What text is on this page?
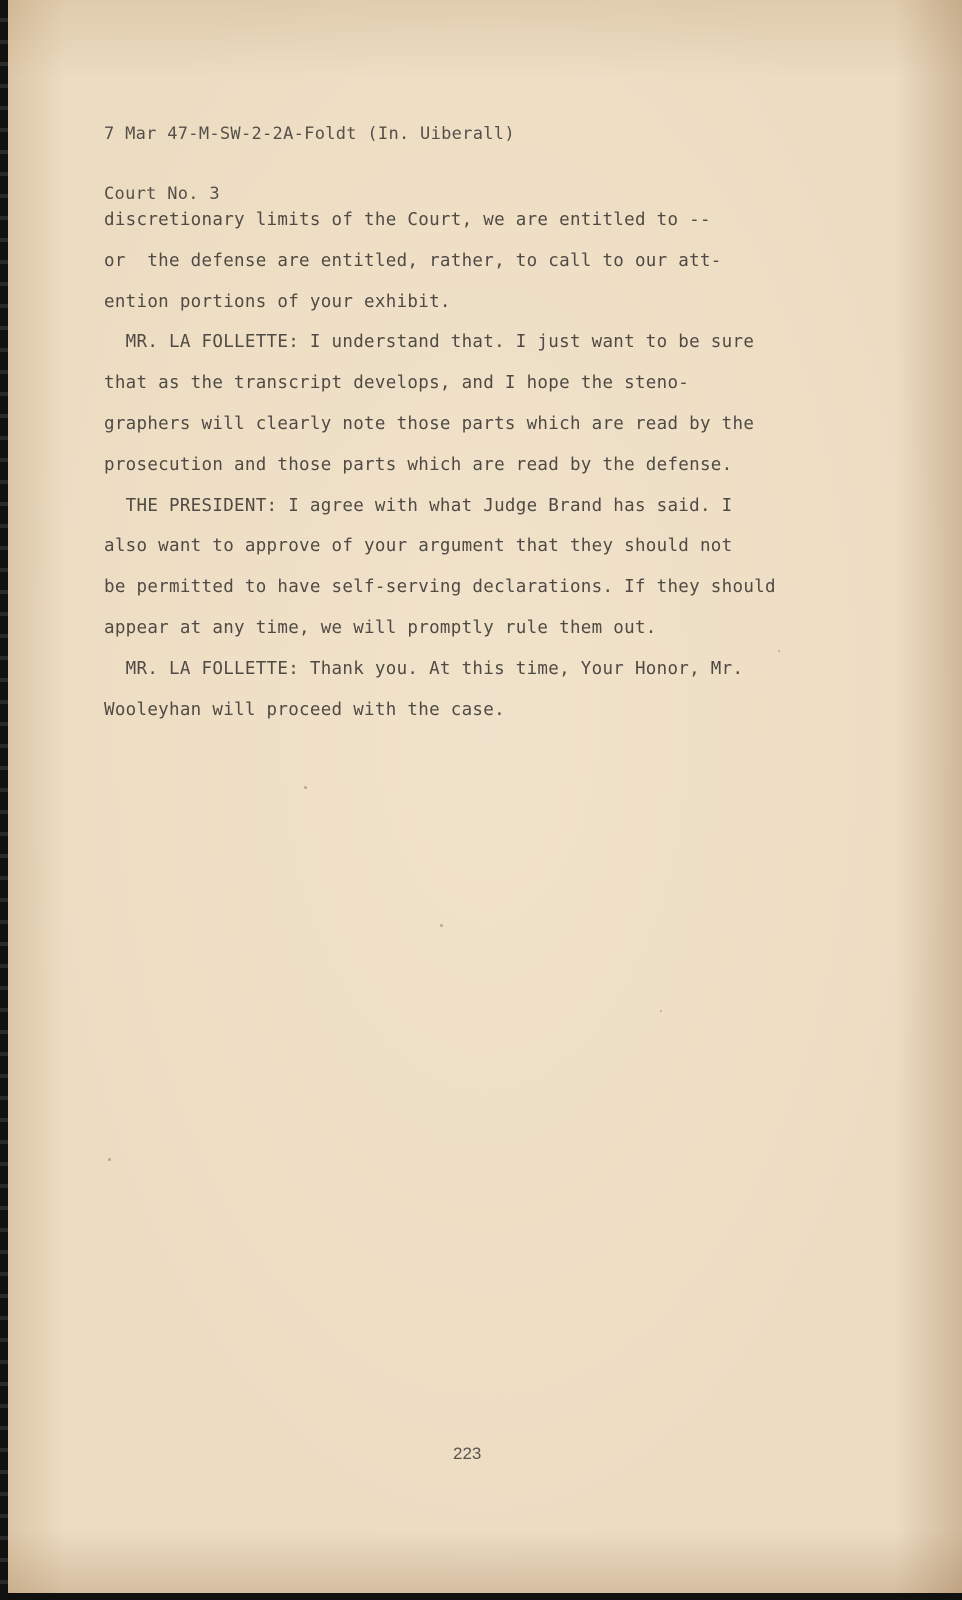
7 Mar 47-M-SW-2-2A-Foldt (In. Uiberall)

Court No. 3

discretionary limits of the Court, we are entitled to --
or  the defense are entitled, rather, to call to our att-
ention portions of your exhibit.
MR. LA FOLLETTE: I understand that. I just want to be sure
that as the transcript develops, and I hope the steno-
graphers will clearly note those parts which are read by the
prosecution and those parts which are read by the defense.
THE PRESIDENT: I agree with what Judge Brand has said. I
also want to approve of your argument that they should not
be permitted to have self-serving declarations. If they should
appear at any time, we will promptly rule them out.
MR. LA FOLLETTE: Thank you. At this time, Your Honor, Mr.
Wooleyhan will proceed with the case.
223
